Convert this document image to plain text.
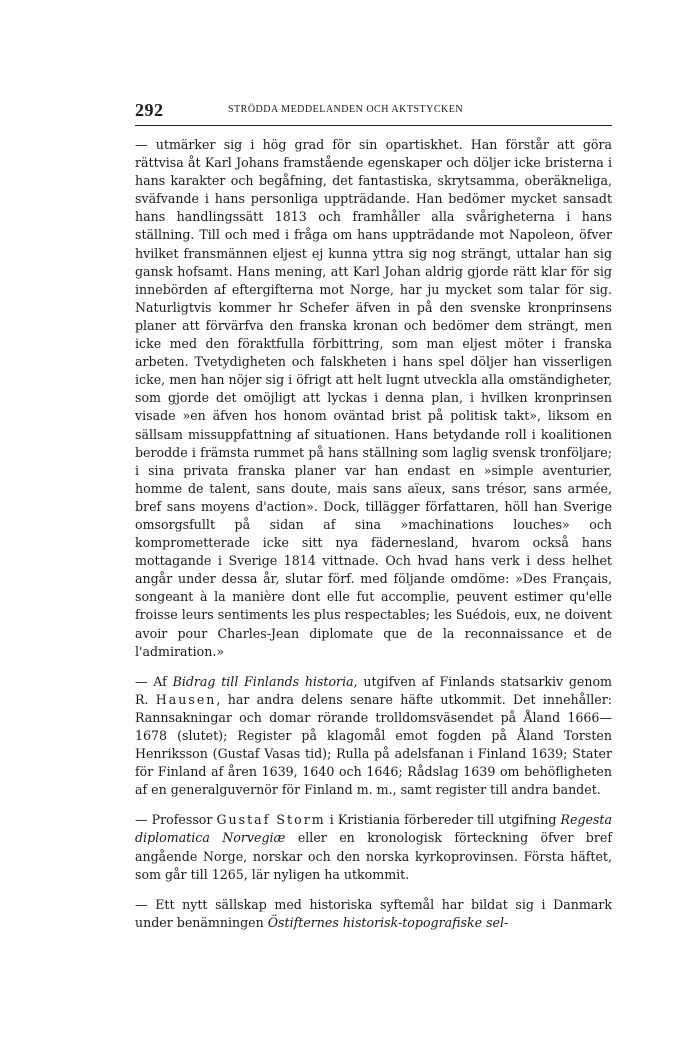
292	STRÖDDA MEDDELANDEN OCH AKTSTYCKEN

— utmärker sig i hög grad för sin opartiskhet. Han förstår att göra rättvisa åt Karl Johans framstående egenskaper och döljer icke bristerna i hans karakter och begåfning, det fantastiska, skrytsamma, oberäkneliga, sväfvande i hans personliga uppträdande. Han bedömer mycket sansadt hans handlingssätt 1813 och framhåller alla svårigheterna i hans ställning. Till och med i fråga om hans uppträdande mot Napoleon, öfver hvilket fransmännen eljest ej kunna yttra sig nog strängt, uttalar han sig gansk hofsamt. Hans mening, att Karl Johan aldrig gjorde rätt klar för sig innebörden af eftergifterna mot Norge, har ju mycket som talar för sig. Naturligtvis kommer hr Schefer äfven in på den svenske kronprinsens planer att förvärfva den franska kronan och bedömer dem strängt, men icke med den föraktfulla förbittring, som man eljest möter i franska arbeten. Tvetydigheten och falskheten i hans spel döljer han visserligen icke, men han nöjer sig i öfrigt att helt lugnt utveckla alla omständigheter, som gjorde det omöjligt att lyckas i denna plan, i hvilken kronprinsen visade »en äfven hos honom oväntad brist på politisk takt», liksom en sällsam missuppfattning af situationen. Hans betydande roll i koalitionen berodde i främsta rummet på hans ställning som laglig svensk tronföljare; i sina privata franska planer var han endast en »simple aventurier, homme de talent, sans doute, mais sans aïeux, sans trésor, sans armée, bref sans moyens d'action». Dock, tillägger författaren, höll han Sverige omsorgsfullt på sidan af sina »machinations louches» och komprometterade icke sitt nya fädernesland, hvarom också hans mottagande i Sverige 1814 vittnade. Och hvad hans verk i dess helhet angår under dessa år, slutar förf. med följande omdöme: »Des Français, songeant à la manière dont elle fut accomplie, peuvent estimer qu'elle froisse leurs sentiments les plus respectables; les Suédois, eux, ne doivent avoir pour Charles-Jean diplomate que de la reconnaissance et de l'admiration.»

— Af Bidrag till Finlands historia, utgifven af Finlands statsarkiv genom R. Hausen, har andra delens senare häfte utkommit. Det innehåller: Rannsakningar och domar rörande trolldomsväsendet på Åland 1666—1678 (slutet); Register på klagomål emot fogden på Åland Torsten Henriksson (Gustaf Vasas tid); Rulla på adelsfanan i Finland 1639; Stater för Finland af åren 1639, 1640 och 1646; Rådslag 1639 om behöfligheten af en generalguvernör för Finland m. m., samt register till andra bandet.

— Professor Gustaf Storm i Kristiania förbereder till utgifning Regesta diplomatica Norvegiæ eller en kronologisk förteckning öfver bref angående Norge, norskar och den norska kyrkoprovinsen. Första häftet, som går till 1265, lär nyligen ha utkommit.

— Ett nytt sällskap med historiska syftemål har bildat sig i Danmark under benämningen Östifternes historisk-topografiske sel-
